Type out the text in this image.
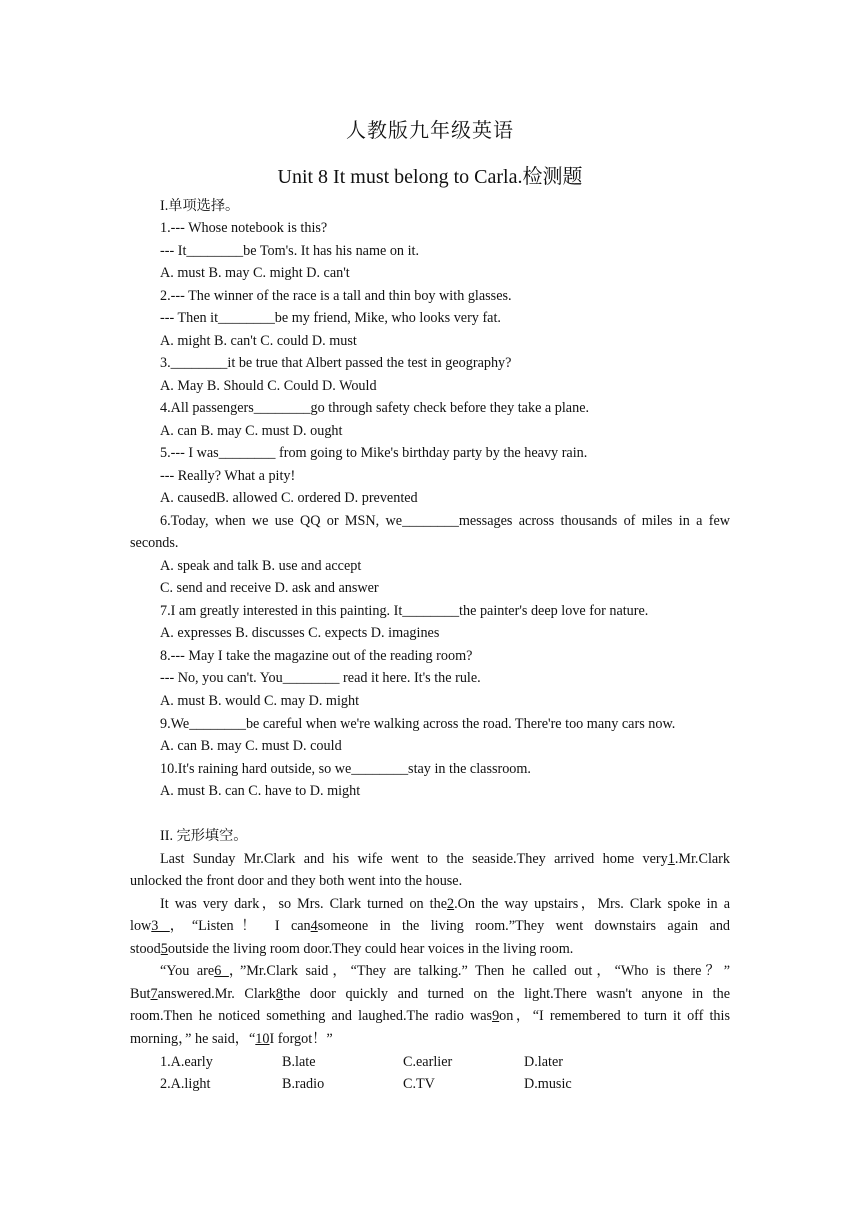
人教版九年级英语
Unit 8 It must belong to Carla.检测题
I.单项选择。
1.--- Whose notebook is this?
--- It________be Tom's. It has his name on it.
A. must B. may C. might D. can't
2.--- The winner of the race is a tall and thin boy with glasses.
--- Then it________be my friend, Mike, who looks very fat.
A. might B. can't C. could D. must
3.________it be true that Albert passed the test in geography?
A. May B. Should C. Could D. Would
4.All passengers________go through safety check before they take a plane.
A. can B. may C. must D. ought
5.--- I was________ from going to Mike's birthday party by the heavy rain.
--- Really? What a pity!
A. causedB. allowed C. ordered D. prevented
6.Today, when we use QQ or MSN, we________messages across thousands of miles in a few
seconds.
A. speak and talk B. use and accept
C. send and receive D. ask and answer
7.I am greatly interested in this painting. It________the painter's deep love for nature.
A. expresses B. discusses C. expects D. imagines
8.--- May I take the magazine out of the reading room?
--- No, you can't. You________ read it here. It's the rule.
A. must B. would C. may D. might
9.We________be careful when we're walking across the road. There're too many cars now.
A. can B. may C. must D. could
10.It's raining hard outside, so we________stay in the classroom.
A. must B. can C. have to D. might
II. 完形填空。
Last Sunday Mr.Clark and his wife went to the seaside.They arrived home very1.Mr.Clark
unlocked the front door and they both went into the house.
It was very dark，so Mrs. Clark turned on the2.On the way upstairs，Mrs. Clark spoke in a
low3 ，“Listen！ I can4someone in the living room.”They went downstairs again and
stood5outside the living room door.They could hear voices in the living room.
“You are6 ，”Mr.Clark said，“They are talking.” Then he called out，“Who is there？”
But7answered.Mr. Clark8the door quickly and turned on the light.There wasn't anyone in the
room.Then he noticed something and laughed.The radio was9on，“I remembered to turn it off this
morning，” he said，“10I forgot！”
1.A.early	B.late	C.earlier	D.later
2.A.light	B.radio	C.TV	D.music
